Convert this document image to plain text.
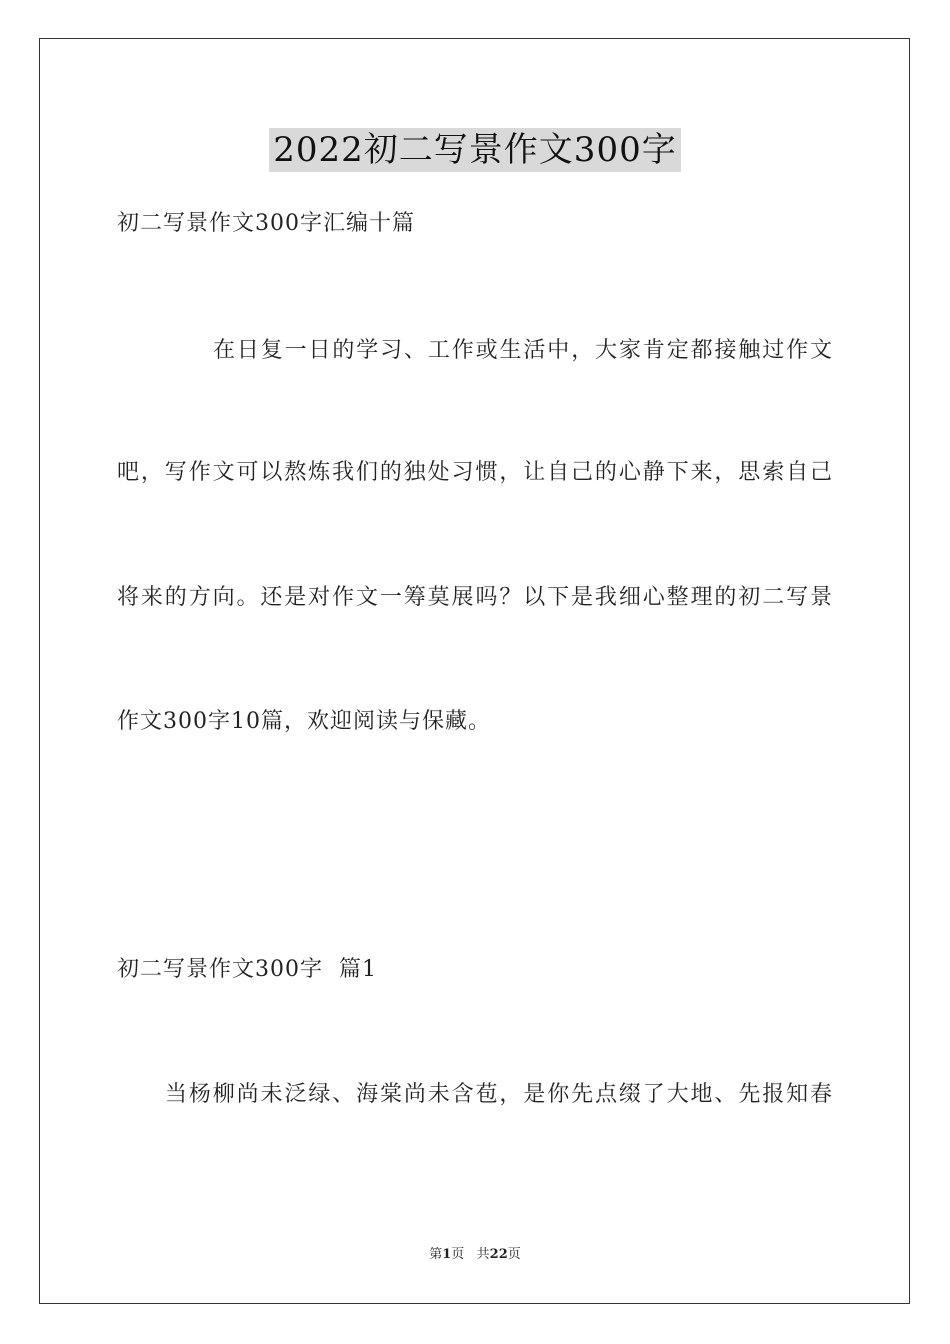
2022初二写景作文300字

初二写景作文300字汇编十篇

在日复一日的学习、工作或生活中，大家肯定都接触过作文

吧，写作文可以熬炼我们的独处习惯，让自己的心静下来，思索自己

将来的方向。还是对作文一筹莫展吗？以下是我细心整理的初二写景

作文300字10篇，欢迎阅读与保藏。

初二写景作文300字  篇1

当杨柳尚未泛绿、海棠尚未含苞，是你先点缀了大地、先报知春

第1页   共22页
